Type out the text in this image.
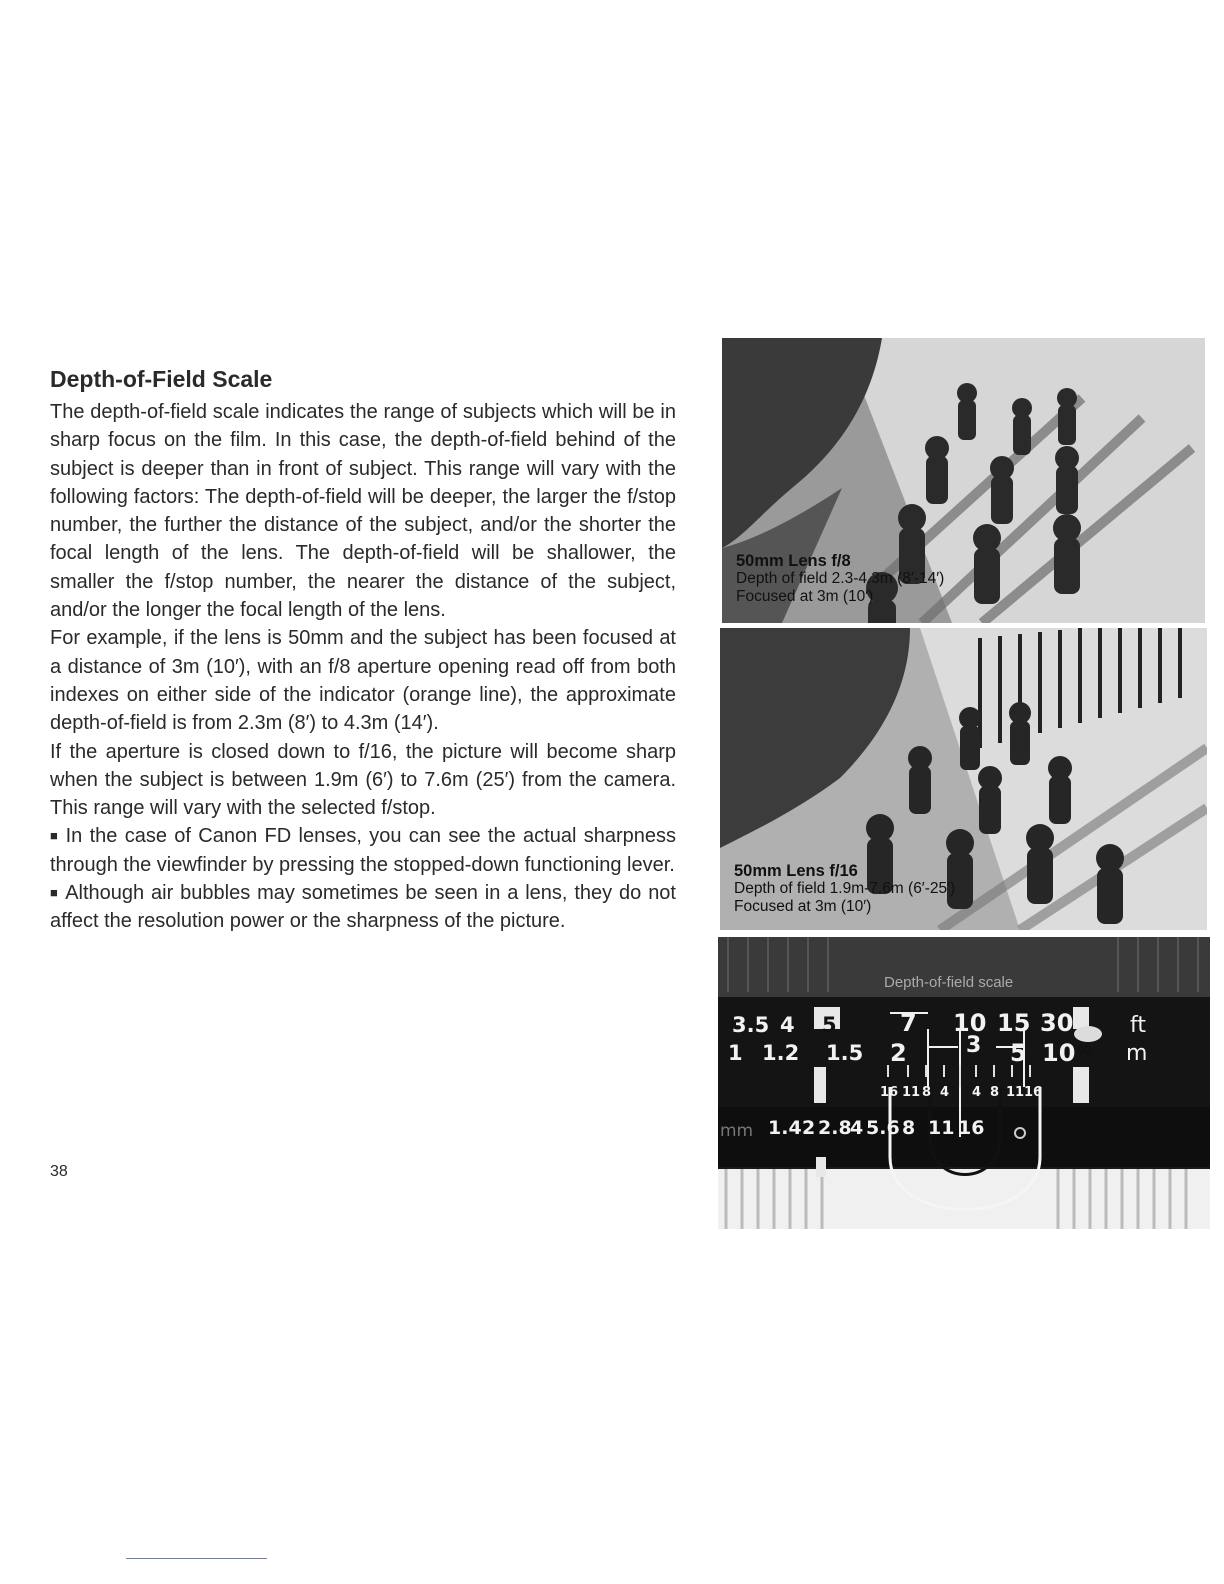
Depth-of-Field Scale

The depth-of-field scale indicates the range of subjects which will be in sharp focus on the film. In this case, the depth-of-field behind of the subject is deeper than in front of subject. This range will vary with the following factors: The depth-of-field will be deeper, the larger the f/stop number, the further the distance of the subject, and/or the shorter the focal length of the lens. The depth-of-field will be shallower, the smaller the f/stop number, the nearer the distance of the subject, and/or the longer the focal length of the lens.

For example, if the lens is 50mm and the subject has been focused at a distance of 3m (10′), with an f/8 aperture opening read off from both indexes on either side of the indicator (orange line), the approximate depth-of-field is from 2.3m (8′) to 4.3m (14′).

If the aperture is closed down to f/16, the picture will become sharp when the subject is between 1.9m (6′) to 7.6m (25′) from the camera. This range will vary with the selected f/stop.

■ In the case of Canon FD lenses, you can see the actual sharpness through the viewfinder by pressing the stopped-down functioning lever.

■ Although air bubbles may sometimes be seen in a lens, they do not affect the resolution power or the sharpness of the picture.

38
50mm Lens f/8
Depth of field 2.3-4.3m (8′-14′)
Focused at 3m (10′)
50mm Lens f/16
Depth of field 1.9m-7.6m (6′-25′)
Focused at 3m (10′)
Depth-of-field scale
3.5 4 5	7 10 15 30	ft
1 1.2 1.5 2	3 5 10 ∞ m
16 11 8 4 4 8 11 16
mm 1.4 2 2.8
4 5.6 8 11 16
